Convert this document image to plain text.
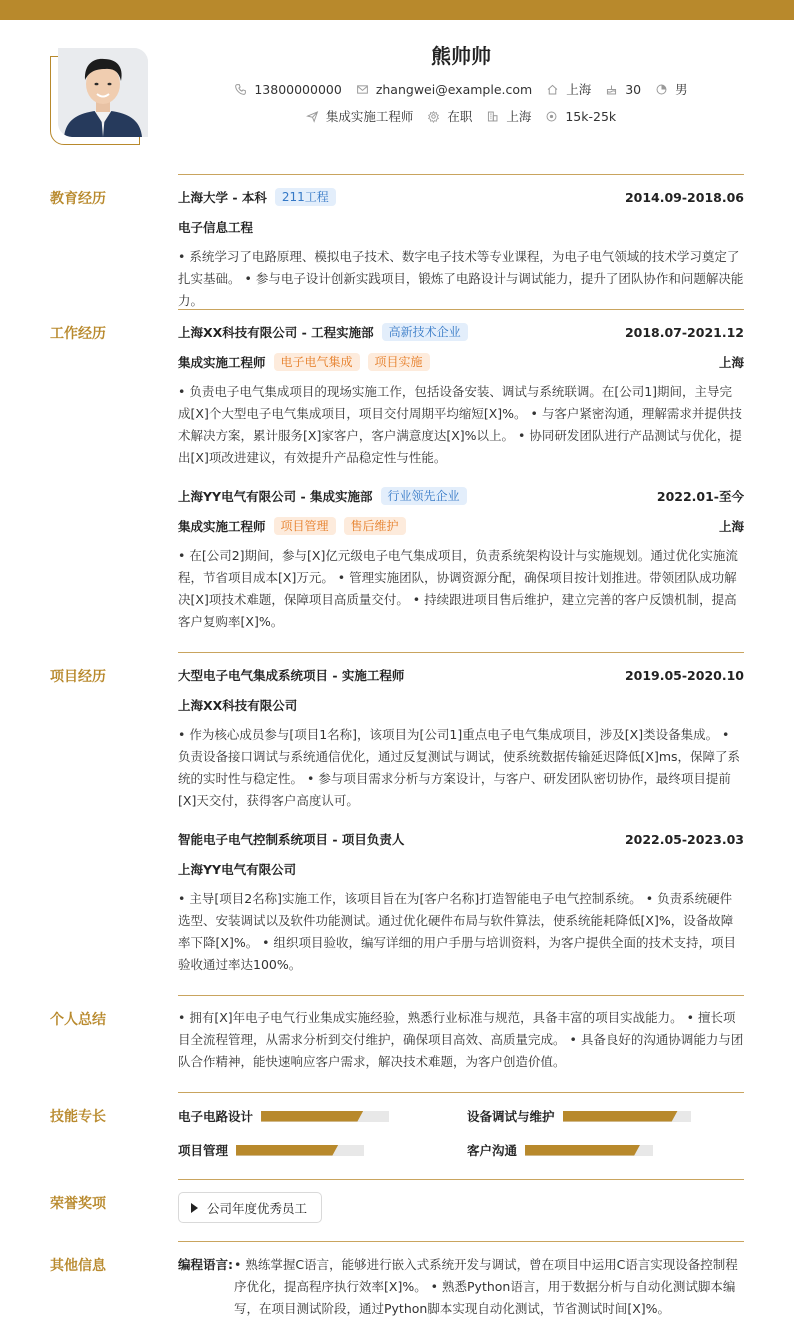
熊帅帅
13800000000	zhangwei@example.com	上海	30	男
集成实施工程师	在职	上海	15k-25k
教育经历	上海大学 - 本科	211工程	2014.09-2018.06
电子信息工程
• 系统学习了电路原理、模拟电子技术、数字电子技术等专业课程，为电子电气领域的技术学习奠定了扎实基础。 • 参与电子设计创新实践项目，锻炼了电路设计与调试能力，提升了团队协作和问题解决能力。
工作经历	上海XX科技有限公司 - 工程实施部	高新技术企业	2018.07-2021.12
集成实施工程师	电子电气集成	项目实施	上海
• 负责电子电气集成项目的现场实施工作，包括设备安装、调试与系统联调。在[公司1]期间，主导完成[X]个大型电子电气集成项目，项目交付周期平均缩短[X]%。 • 与客户紧密沟通，理解需求并提供技术解决方案，累计服务[X]家客户，客户满意度达[X]%以上。 • 协同研发团队进行产品测试与优化，提出[X]项改进建议，有效提升产品稳定性与性能。
上海YY电气有限公司 - 集成实施部	行业领先企业	2022.01-至今
集成实施工程师	项目管理	售后维护	上海
• 在[公司2]期间，参与[X]亿元级电子电气集成项目，负责系统架构设计与实施规划。通过优化实施流程，节省项目成本[X]万元。 • 管理实施团队，协调资源分配，确保项目按计划推进。带领团队成功解决[X]项技术难题，保障项目高质量交付。 • 持续跟进项目售后维护，建立完善的客户反馈机制，提高客户复购率[X]%。
项目经历	大型电子电气集成系统项目 - 实施工程师	2019.05-2020.10
上海XX科技有限公司
• 作为核心成员参与[项目1名称]，该项目为[公司1]重点电子电气集成项目，涉及[X]类设备集成。 • 负责设备接口调试与系统通信优化，通过反复测试与调试，使系统数据传输延迟降低[X]ms，保障了系统的实时性与稳定性。 • 参与项目需求分析与方案设计，与客户、研发团队密切协作，最终项目提前[X]天交付，获得客户高度认可。
智能电子电气控制系统项目 - 项目负责人	2022.05-2023.03
上海YY电气有限公司
• 主导[项目2名称]实施工作，该项目旨在为[客户名称]打造智能电子电气控制系统。 • 负责系统硬件选型、安装调试以及软件功能测试。通过优化硬件布局与软件算法，使系统能耗降低[X]%，设备故障率下降[X]%。 • 组织项目验收，编写详细的用户手册与培训资料，为客户提供全面的技术支持，项目验收通过率达100%。
个人总结	• 拥有[X]年电子电气行业集成实施经验，熟悉行业标准与规范，具备丰富的项目实战能力。 • 擅长项目全流程管理，从需求分析到交付维护，确保项目高效、高质量完成。 • 具备良好的沟通协调能力与团队合作精神，能快速响应客户需求，解决技术难题，为客户创造价值。
技能专长	电子电路设计	设备调试与维护
项目管理	客户沟通
荣誉奖项	公司年度优秀员工
其他信息	编程语言: • 熟练掌握C语言，能够进行嵌入式系统开发与调试，曾在项目中运用C语言实现设备控制程序优化，提高程序执行效率[X]%。 • 熟悉Python语言，用于数据分析与自动化测试脚本编写，在项目测试阶段，通过Python脚本实现自动化测试，节省测试时间[X]%。
